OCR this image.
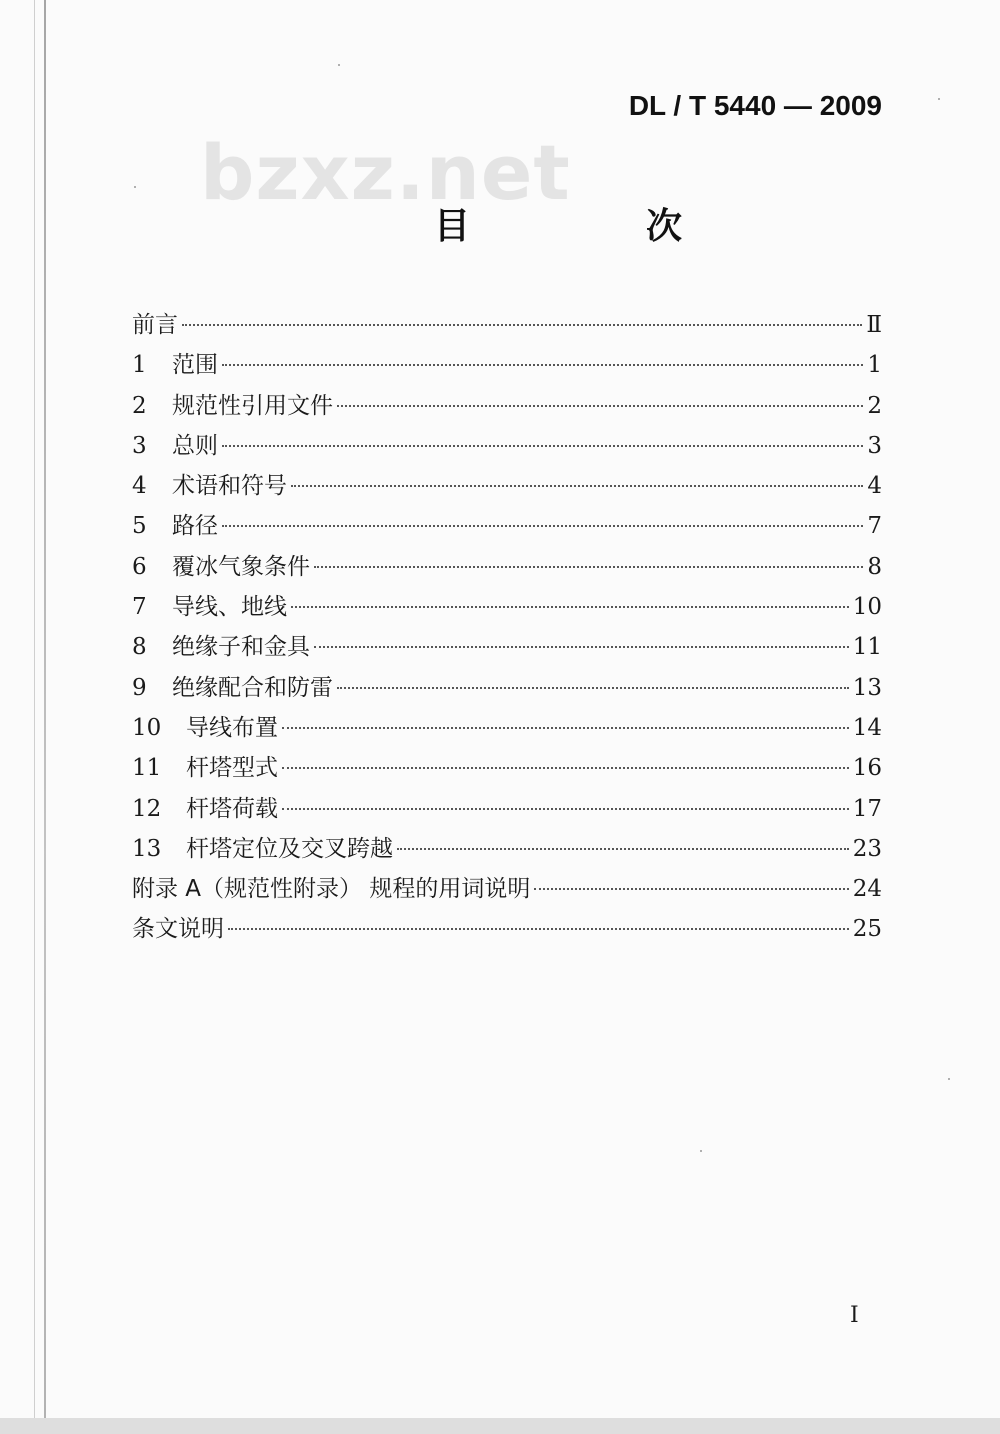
DL / T 5440 — 2009
bzxz.net
目　次
前言	Ⅱ
1	范围	1
2	规范性引用文件	2
3	总则	3
4	术语和符号	4
5	路径	7
6	覆冰气象条件	8
7	导线、地线	10
8	绝缘子和金具	11
9	绝缘配合和防雷	13
10	导线布置	14
11	杆塔型式	16
12	杆塔荷载	17
13	杆塔定位及交叉跨越	23
附录 A（规范性附录） 规程的用词说明	24
条文说明	25
I
